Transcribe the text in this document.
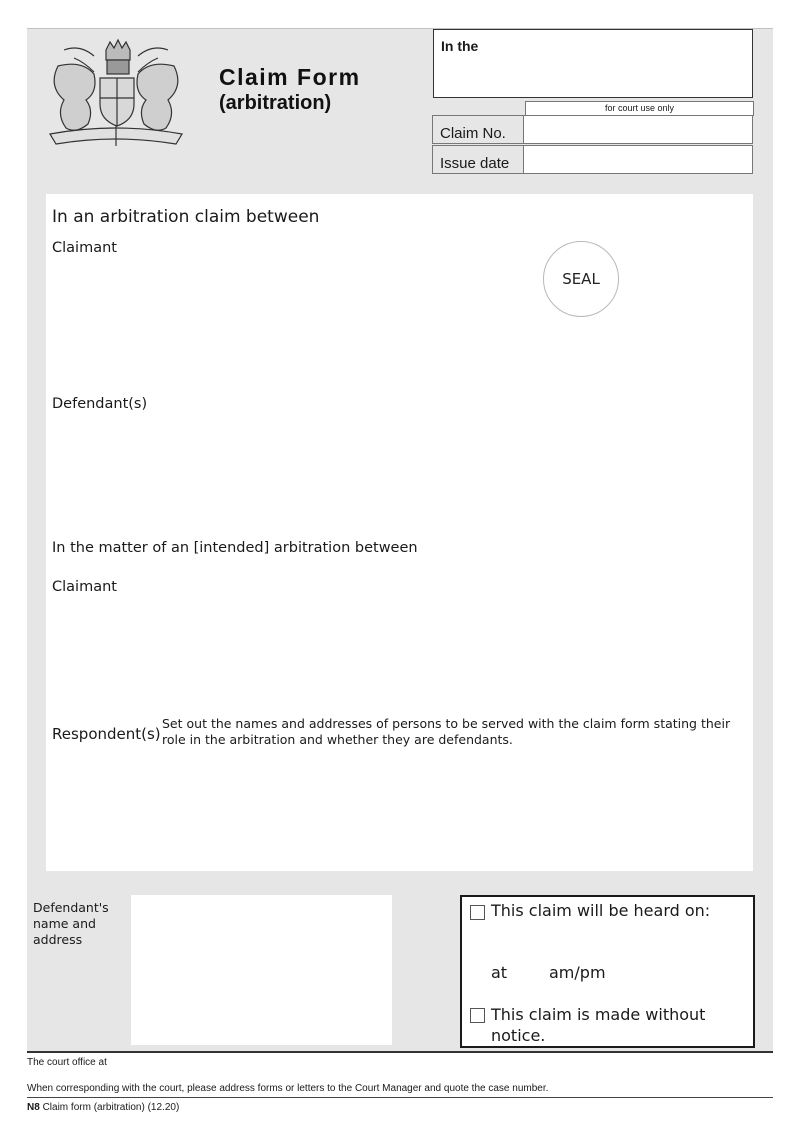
Claim Form
(arbitration)
In the
for court use only
Claim No.
Issue date
In an arbitration claim between
Claimant
SEAL
Defendant(s)
In the matter of an [intended] arbitration between
Claimant
Respondent(s)
Set out the names and addresses of persons to be served with the claim form stating their role in the arbitration and whether they are defendants.
Defendant's name and address
This claim will be heard on:
at	am/pm
This claim is made without notice.
The court office at
When corresponding with the court, please address forms or letters to the Court Manager and quote the case number.
N8 Claim form (arbitration) (12.20)
